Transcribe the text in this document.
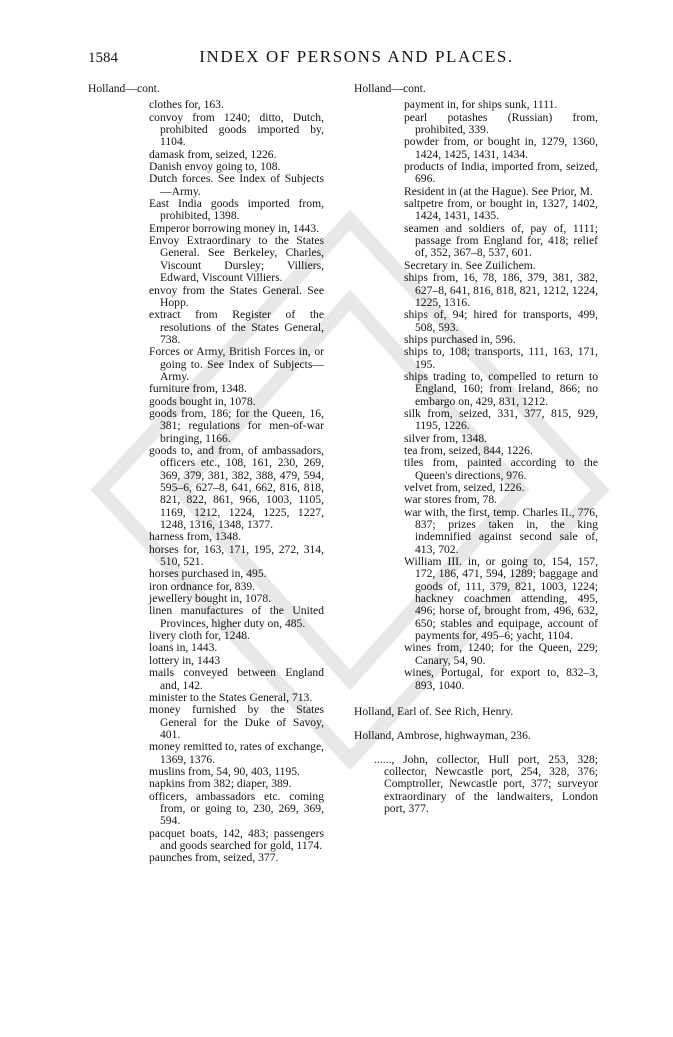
1584	INDEX OF PERSONS AND PLACES.
Holland—cont.

clothes for, 163.

convoy from 1240; ditto, Dutch, prohibited goods imported by, 1104.

damask from, seized, 1226.

Danish envoy going to, 108.

Dutch forces. See Index of Subjects—Army.

East India goods imported from, prohibited, 1398.

Emperor borrowing money in, 1443.

Envoy Extraordinary to the States General. See Berkeley, Charles, Viscount Dursley; Villiers, Edward, Viscount Villiers.

envoy from the States General. See Hopp.

extract from Register of the resolutions of the States General, 738.

Forces or Army, British Forces in, or going to. See Index of Subjects—Army.

furniture from, 1348.

goods bought in, 1078.

goods from, 186; for the Queen, 16, 381; regulations for men-of-war bringing, 1166.

goods to, and from, of ambassadors, officers etc., 108, 161, 230, 269, 369, 379, 381, 382, 388, 479, 594, 595–6, 627–8, 641, 662, 816, 818, 821, 822, 861, 966, 1003, 1105, 1169, 1212, 1224, 1225, 1227, 1248, 1316, 1348, 1377.

harness from, 1348.

horses for, 163, 171, 195, 272, 314, 510, 521.

horses purchased in, 495.

iron ordnance for, 839.

jewellery bought in, 1078.

linen manufactures of the United Provinces, higher duty on, 485.

livery cloth for, 1248.

loans in, 1443.

lottery in, 1443

mails conveyed between England and, 142.

minister to the States General, 713.

money furnished by the States General for the Duke of Savoy, 401.

money remitted to, rates of exchange, 1369, 1376.

muslins from, 54, 90, 403, 1195.

napkins from 382; diaper, 389.

officers, ambassadors etc. coming from, or going to, 230, 269, 369, 594.

pacquet boats, 142, 483; passengers and goods searched for gold, 1174.

paunches from, seized, 377.

Holland—cont.

payment in, for ships sunk, 1111.

pearl potashes (Russian) from, prohibited, 339.

powder from, or bought in, 1279, 1360, 1424, 1425, 1431, 1434.

products of India, imported from, seized, 696.

Resident in (at the Hague). See Prior, M.

saltpetre from, or bought in, 1327, 1402, 1424, 1431, 1435.

seamen and soldiers of, pay of, 1111; passage from England for, 418; relief of, 352, 367–8, 537, 601.

Secretary in. See Zuilichem.

ships from, 16, 78, 186, 379, 381, 382, 627–8, 641, 816, 818, 821, 1212, 1224, 1225, 1316.

ships of, 94; hired for transports, 499, 508, 593.

ships purchased in, 596.

ships to, 108; transports, 111, 163, 171, 195.

ships trading to, compelled to return to England, 160; from Ireland, 866; no embargo on, 429, 831, 1212.

silk from, seized, 331, 377, 815, 929, 1195, 1226.

silver from, 1348.

tea from, seized, 844, 1226.

tiles from, painted according to the Queen's directions, 976.

velvet from, seized, 1226.

war stores from, 78.

war with, the first, temp. Charles II., 776, 837; prizes taken in, the king indemnified against second sale of, 413, 702.

William III. in, or going to, 154, 157, 172, 186, 471, 594, 1289; baggage and goods of, 111, 379, 821, 1003, 1224; hackney coachmen attending, 495, 496; horse of, brought from, 496, 632, 650; stables and equipage, account of payments for, 495–6; yacht, 1104.

wines from, 1240; for the Queen, 229; Canary, 54, 90.

wines, Portugal, for export to, 832–3, 893, 1040.

Holland, Earl of. See Rich, Henry.

Holland, Ambrose, highwayman, 236.

......, John, collector, Hull port, 253, 328; collector, Newcastle port, 254, 328, 376; Comptroller, Newcastle port, 377; surveyor extraordinary of the landwaiters, London port, 377.
